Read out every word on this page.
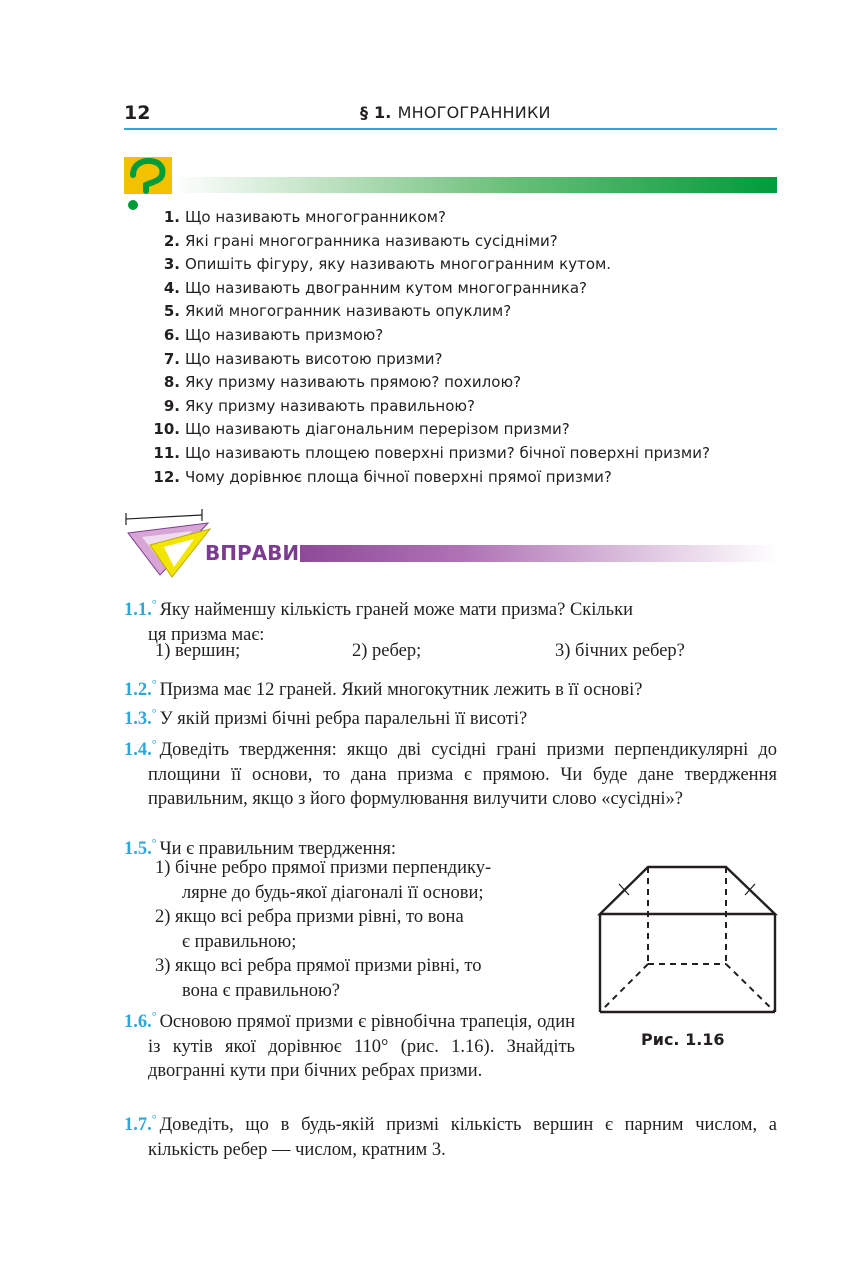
12	§ 1. МНОГОГРАННИКИ
1. Що називають многогранником?
2. Які грані многогранника називають сусідніми?
3. Опишіть фігуру, яку називають многогранним кутом.
4. Що називають двогранним кутом многогранника?
5. Який многогранник називають опуклим?
6. Що називають призмою?
7. Що називають висотою призми?
8. Яку призму називають прямою? похилою?
9. Яку призму називають правильною?
10. Що називають діагональним перерізом призми?
11. Що називають площею поверхні призми? бічної поверхні призми?
12. Чому дорівнює площа бічної поверхні прямої призми?
ВПРАВИ
1.1.° Яку найменшу кількість граней може мати призма? Скільки
ця призма має:
1) вершин;	2) ребер;	3) бічних ребер?
1.2.° Призма має 12 граней. Який многокутник лежить в її основі?
1.3.° У якій призмі бічні ребра паралельні її висоті?
1.4.° Доведіть твердження: якщо дві сусідні грані призми перпендикулярні до площини її основи, то дана призма є прямою. Чи буде дане твердження правильним, якщо з його формулювання вилучити слово «сусідні»?
1.5.° Чи є правильним твердження:
1) бічне ребро прямої призми перпендику-
лярне до будь-якої діагоналі її основи;
2) якщо всі ребра призми рівні, то вона
є правильною;
3) якщо всі ребра прямої призми рівні, то
вона є правильною?
1.6.° Основою прямої призми є рівнобічна трапеція, один із кутів якої дорівнює 110° (рис. 1.16). Знайдіть двогранні кути при бічних ребрах призми.
Рис. 1.16
1.7.° Доведіть, що в будь-якій призмі кількість вершин є парним числом, а кількість ребер — числом, кратним 3.
